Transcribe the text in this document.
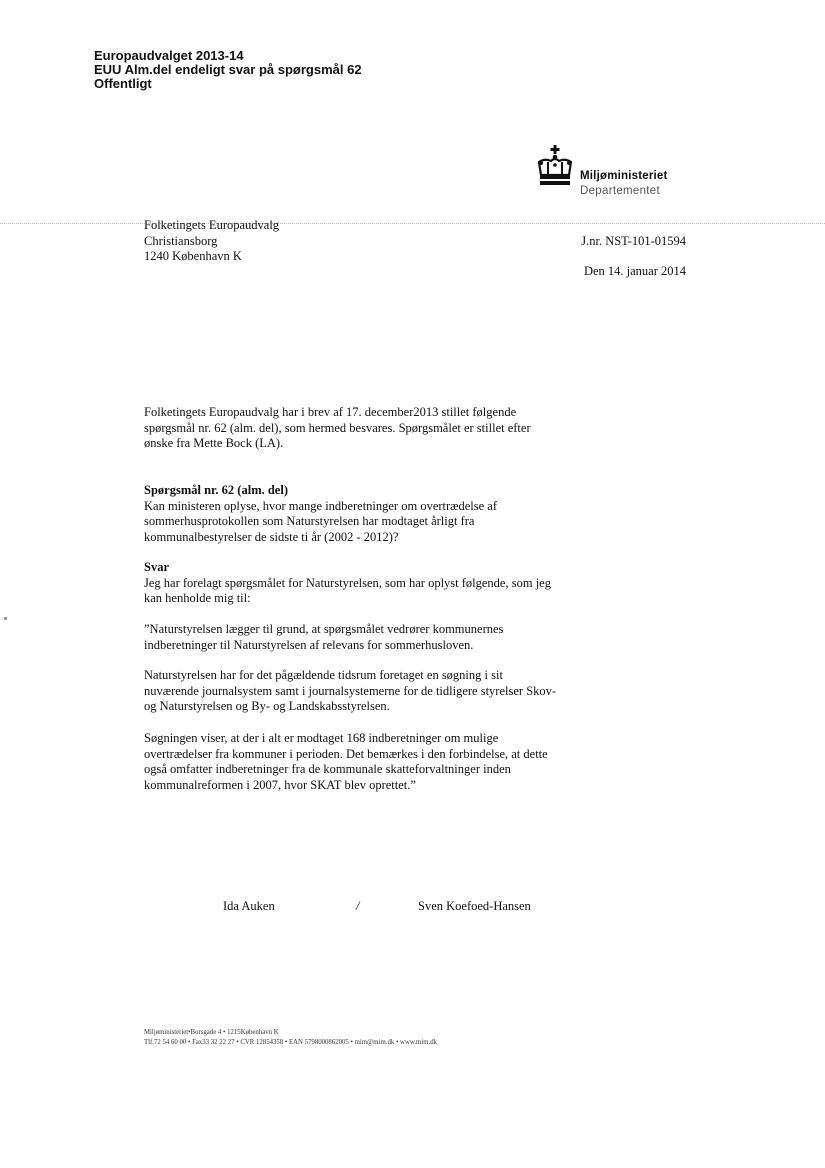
Europaudvalget 2013-14
EUU Alm.del endeligt svar på spørgsmål 62
Offentligt
Miljøministeriet
Departementet
Folketingets Europaudvalg
Christiansborg
1240 København K
J.nr. NST-101-01594
Den 14. januar 2014
Folketingets Europaudvalg har i brev af 17. december2013 stillet følgende
spørgsmål nr. 62 (alm. del), som hermed besvares. Spørgsmålet er stillet efter
ønske fra Mette Bock (LA).
Spørgsmål nr. 62 (alm. del)
Kan ministeren oplyse, hvor mange indberetninger om overtrædelse af
sommerhusprotokollen som Naturstyrelsen har modtaget årligt fra
kommunalbestyrelser de sidste ti år (2002 - 2012)?
Svar
Jeg har forelagt spørgsmålet for Naturstyrelsen, som har oplyst følgende, som jeg
kan henholde mig til:
”Naturstyrelsen lægger til grund, at spørgsmålet vedrører kommunernes
indberetninger til Naturstyrelsen af relevans for sommerhusloven.
Naturstyrelsen har for det pågældende tidsrum foretaget en søgning i sit
nuværende journalsystem samt i journalsystemerne for de tidligere styrelser Skov-
og Naturstyrelsen og By- og Landskabsstyrelsen.
Søgningen viser, at der i alt er modtaget 168 indberetninger om mulige
overtrædelser fra kommuner i perioden. Det bemærkes i den forbindelse, at dette
også omfatter indberetninger fra de kommunale skatteforvaltninger inden
kommunalreformen i 2007, hvor SKAT blev oprettet.”
Ida Auken	/	Sven Koefoed-Hansen
Miljøministeriet•Borsgade 4 • 1215København K
Tlf.72 54 60 00 • Fax33 32 22 27 • CVR 12854358 • EAN 5798000862005 • mim@mim.dk • www.mim.dk
